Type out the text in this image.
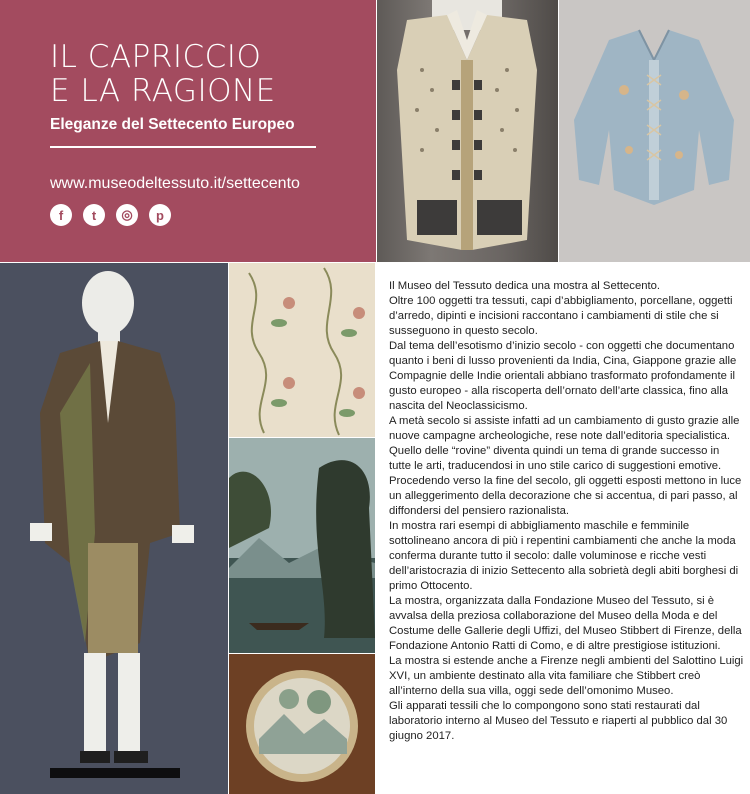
IL CAPRICCIO
E LA RAGIONE
Eleganze del Settecento Europeo
www.museodeltessuto.it/settecento
f	t	◎	p

Il Museo del Tessuto dedica una mostra al Settecento.

Oltre 100 oggetti tra tessuti, capi d’abbigliamento, porcellane, oggetti d’arredo, dipinti e incisioni raccontano i cambiamenti di stile che si susseguono in questo secolo.

Dal tema dell’esotismo d’inizio secolo - con oggetti che documentano quanto i beni di lusso provenienti da India, Cina, Giappone grazie alle Compagnie delle Indie orientali abbiano trasformato profondamente il gusto europeo - alla riscoperta dell’ornato dell’arte classica, fino alla nascita del Neoclassicismo.

A metà secolo si assiste infatti ad un cambiamento di gusto grazie alle nuove campagne archeologiche, rese note dall’editoria specialistica. Quello delle “rovine” diventa quindi un tema di grande successo in tutte le arti, traducendosi in uno stile carico di suggestioni emotive.

Procedendo verso la fine del secolo, gli oggetti esposti mettono in luce un alleggerimento della decorazione che si accentua, di pari passo, al diffondersi del pensiero razionalista.

In mostra rari esempi di abbigliamento maschile e femminile sottolineano ancora di più i repentini cambiamenti che anche la moda conferma durante tutto il secolo: dalle voluminose e ricche vesti dell’aristocrazia di inizio Settecento alla sobrietà degli abiti borghesi di primo Ottocento.

La mostra, organizzata dalla Fondazione Museo del Tessuto, si è avvalsa della preziosa collaborazione del Museo della Moda e del Costume delle Gallerie degli Uffizi, del Museo Stibbert di Firenze, della Fondazione Antonio Ratti di Como, e di altre prestigiose istituzioni.

La mostra si estende anche a Firenze negli ambienti del Salottino Luigi XVI, un ambiente destinato alla vita familiare che Stibbert creò all’interno della sua villa, oggi sede dell’omonimo Museo.

Gli apparati tessili che lo compongono sono stati restaurati dal laboratorio interno al Museo del Tessuto e riaperti al pubblico dal 30 giugno 2017.
